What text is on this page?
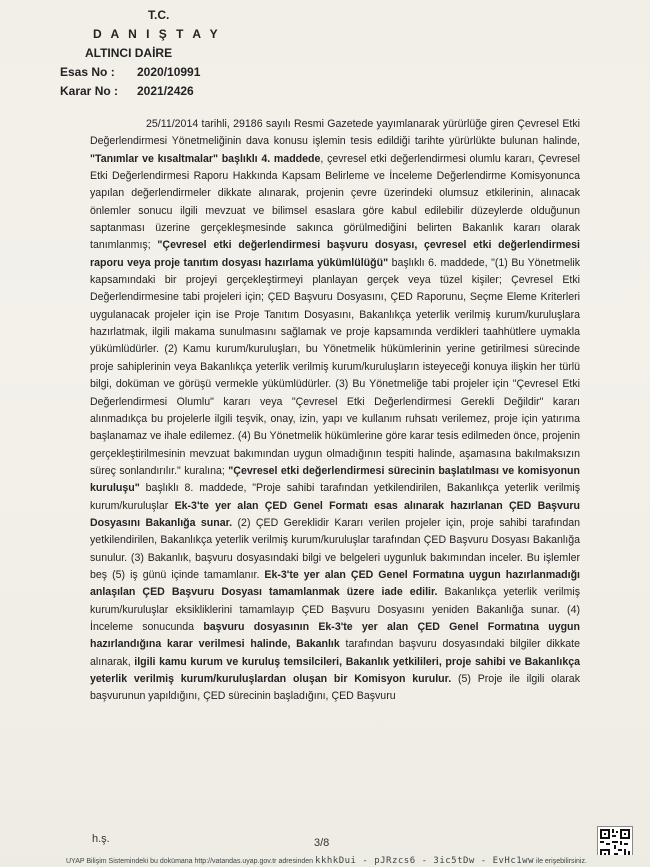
T.C.
D A N I Ş T A Y
ALTINCI DAİRE
Esas No : 2020/10991
Karar No : 2021/2426

25/11/2014 tarihli, 29186 sayılı Resmi Gazetede yayımlanarak yürürlüğe giren Çevresel Etki Değerlendirmesi Yönetmeliğinin dava konusu işlemin tesis edildiği tarihte yürürlükte bulunan halinde, "Tanımlar ve kısaltmalar" başlıklı 4. maddede, çevresel etki değerlendirmesi olumlu kararı, Çevresel Etki Değerlendirmesi Raporu Hakkında Kapsam Belirleme ve İnceleme Değerlendirme Komisyonunca yapılan değerlendirmeler dikkate alınarak, projenin çevre üzerindeki olumsuz etkilerinin, alınacak önlemler sonucu ilgili mevzuat ve bilimsel esaslara göre kabul edilebilir düzeylerde olduğunun saptanması üzerine gerçekleşmesinde sakınca görülmediğini belirten Bakanlık kararı olarak tanımlanmış; "Çevresel etki değerlendirmesi başvuru dosyası, çevresel etki değerlendirmesi raporu veya proje tanıtım dosyası hazırlama yükümlülüğü" başlıklı 6. maddede, "(1) Bu Yönetmelik kapsamındaki bir projeyi gerçekleştirmeyi planlayan gerçek veya tüzel kişiler; Çevresel Etki Değerlendirmesine tabi projeleri için; ÇED Başvuru Dosyasını, ÇED Raporunu, Seçme Eleme Kriterleri uygulanacak projeler için ise Proje Tanıtım Dosyasını, Bakanlıkça yeterlik verilmiş kurum/kuruluşlara hazırlatmak, ilgili makama sunulmasını sağlamak ve proje kapsamında verdikleri taahhütlere uymakla yükümlüdürler. (2) Kamu kurum/kuruluşları, bu Yönetmelik hükümlerinin yerine getirilmesi sürecinde proje sahiplerinin veya Bakanlıkça yeterlik verilmiş kurum/kuruluşların isteyeceği konuya ilişkin her türlü bilgi, doküman ve görüşü vermekle yükümlüdürler. (3) Bu Yönetmeliğe tabi projeler için "Çevresel Etki Değerlendirmesi Olumlu" kararı veya "Çevresel Etki Değerlendirmesi Gerekli Değildir" kararı alınmadıkça bu projelerle ilgili teşvik, onay, izin, yapı ve kullanım ruhsatı verilemez, proje için yatırıma başlanamaz ve ihale edilemez. (4) Bu Yönetmelik hükümlerine göre karar tesis edilmeden önce, projenin gerçekleştirilmesinin mevzuat bakımından uygun olmadığının tespiti halinde, aşamasına bakılmaksızın süreç sonlandırılır." kuralına; "Çevresel etki değerlendirmesi sürecinin başlatılması ve komisyonun kuruluşu" başlıklı 8. maddede, "Proje sahibi tarafından yetkilendirilen, Bakanlıkça yeterlik verilmiş kurum/kuruluşlar Ek-3'te yer alan ÇED Genel Formatı esas alınarak hazırlanan ÇED Başvuru Dosyasını Bakanlığa sunar. (2) ÇED Gereklidir Kararı verilen projeler için, proje sahibi tarafından yetkilendirilen, Bakanlıkça yeterlik verilmiş kurum/kuruluşlar tarafından ÇED Başvuru Dosyası Bakanlığa sunulur. (3) Bakanlık, başvuru dosyasındaki bilgi ve belgeleri uygunluk bakımından inceler. Bu işlemler beş (5) iş günü içinde tamamlanır. Ek-3'te yer alan ÇED Genel Formatına uygun hazırlanmadığı anlaşılan ÇED Başvuru Dosyası tamamlanmak üzere iade edilir. Bakanlıkça yeterlik verilmiş kurum/kuruluşlar eksikliklerini tamamlayıp ÇED Başvuru Dosyasını yeniden Bakanlığa sunar. (4) İnceleme sonucunda başvuru dosyasının Ek-3'te yer alan ÇED Genel Formatına uygun hazırlandığına karar verilmesi halinde, Bakanlık tarafından başvuru dosyasındaki bilgiler dikkate alınarak, ilgili kamu kurum ve kuruluş temsilcileri, Bakanlık yetkilileri, proje sahibi ve Bakanlıkça yeterlik verilmiş kurum/kuruluşlardan oluşan bir Komisyon kurulur. (5) Proje ile ilgili olarak başvurunun yapıldığını, ÇED sürecinin başladığını, ÇED Başvuru

h.ş.	3/8
UYAP Bilişim Sistemindeki bu dokümana http://vatandas.uyap.gov.tr adresinden kkhkDui - pJRzcs6 - 3ic5tDw - EvHc1ww ile erişebilirsiniz.
